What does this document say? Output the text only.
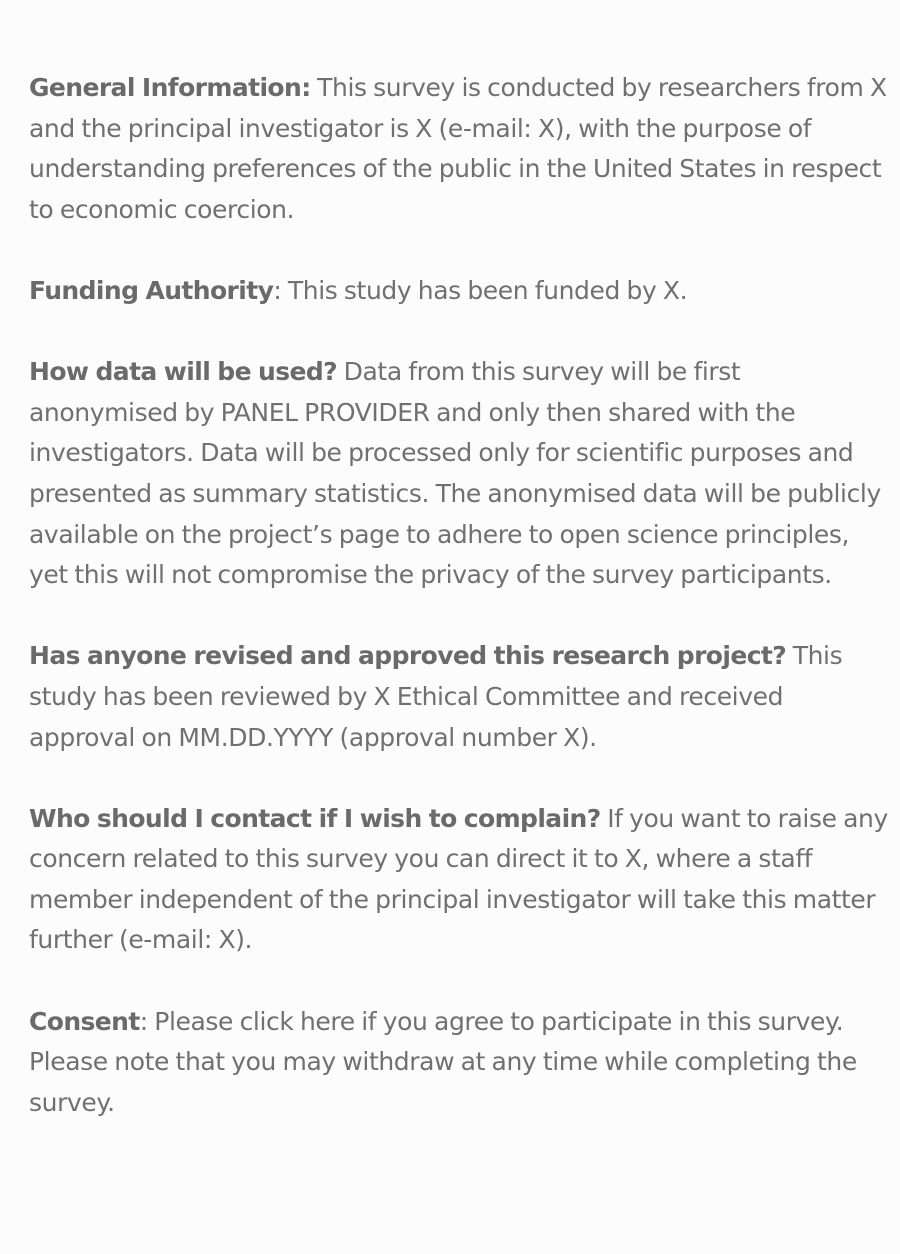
General Information: This survey is conducted by researchers from X and the principal investigator is X (e-mail: X), with the purpose of understanding preferences of the public in the United States in respect to economic coercion.

Funding Authority: This study has been funded by X.

How data will be used? Data from this survey will be first anonymised by PANEL PROVIDER and only then shared with the investigators. Data will be processed only for scientific purposes and presented as summary statistics. The anonymised data will be publicly available on the project’s page to adhere to open science principles, yet this will not compromise the privacy of the survey participants.

Has anyone revised and approved this research project? This study has been reviewed by X Ethical Committee and received approval on MM.DD.YYYY (approval number X).

Who should I contact if I wish to complain? If you want to raise any concern related to this survey you can direct it to X, where a staff member independent of the principal investigator will take this matter further (e-mail: X).

Consent: Please click here if you agree to participate in this survey. Please note that you may withdraw at any time while completing the survey.
